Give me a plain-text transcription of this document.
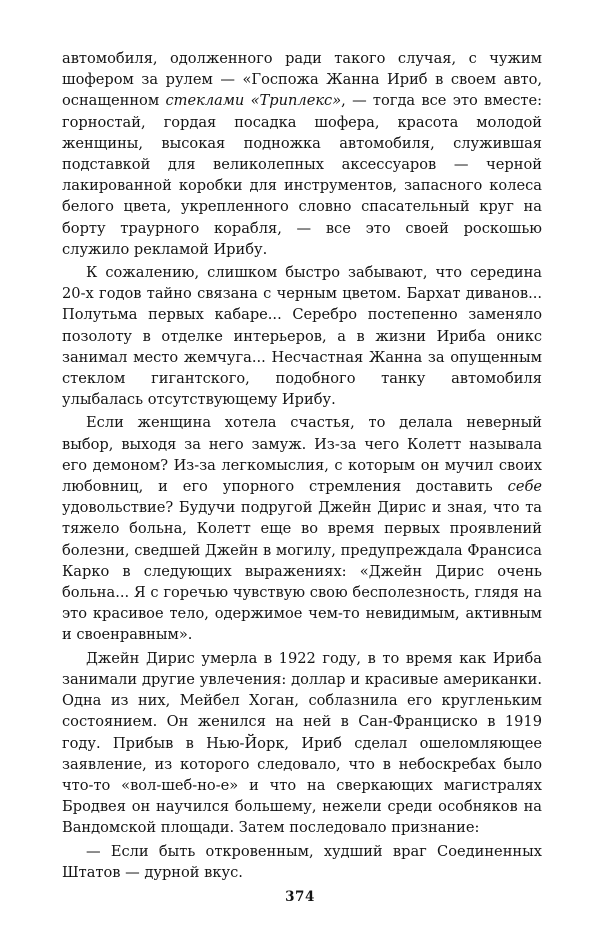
автомобиля, одолженного ради такого случая, с чужим шофером за рулем — «Госпожа Жанна Ириб в своем авто, оснащенном стеклами «Триплекс», — тогда все это вместе: горностай, гордая посадка шофера, красота молодой женщины, высокая подножка автомобиля, служившая подставкой для великолепных аксессуаров — черной лакированной коробки для инструментов, запасного колеса белого цвета, укрепленного словно спасательный круг на борту траурного корабля, — все это своей роскошью служило рекламой Ирибу.

К сожалению, слишком быстро забывают, что середина 20-х годов тайно связана с черным цветом. Бархат диванов... Полутьма первых кабаре... Серебро постепенно заменяло позолоту в отделке интерьеров, а в жизни Ириба оникс занимал место жемчуга... Несчастная Жанна за опущенным стеклом гигантского, подобного танку автомобиля улыбалась отсутствующему Ирибу.

Если женщина хотела счастья, то делала неверный выбор, выходя за него замуж. Из-за чего Колетт называла его демоном? Из-за легкомыслия, с которым он мучил своих любовниц, и его упорного стремления доставить себе удовольствие? Будучи подругой Джейн Дирис и зная, что та тяжело больна, Колетт еще во время первых проявлений болезни, сведшей Джейн в могилу, предупреждала Франсиса Карко в следующих выражениях: «Джейн Дирис очень больна... Я с горечью чувствую свою бесполезность, глядя на это красивое тело, одержимое чем-то невидимым, активным и своенравным».

Джейн Дирис умерла в 1922 году, в то время как Ириба занимали другие увлечения: доллар и красивые американки. Одна из них, Мейбел Хоган, соблазнила его кругленьким состоянием. Он женился на ней в Сан-Франциско в 1919 году. Прибыв в Нью-Йорк, Ириб сделал ошеломляющее заявление, из которого следовало, что в небоскребах было что-то «вол-шеб-но-е» и что на сверкающих магистралях Бродвея он научился большему, нежели среди особняков на Вандомской площади. Затем последовало признание:

— Если быть откровенным, худший враг Соединенных Штатов — дурной вкус.

374
